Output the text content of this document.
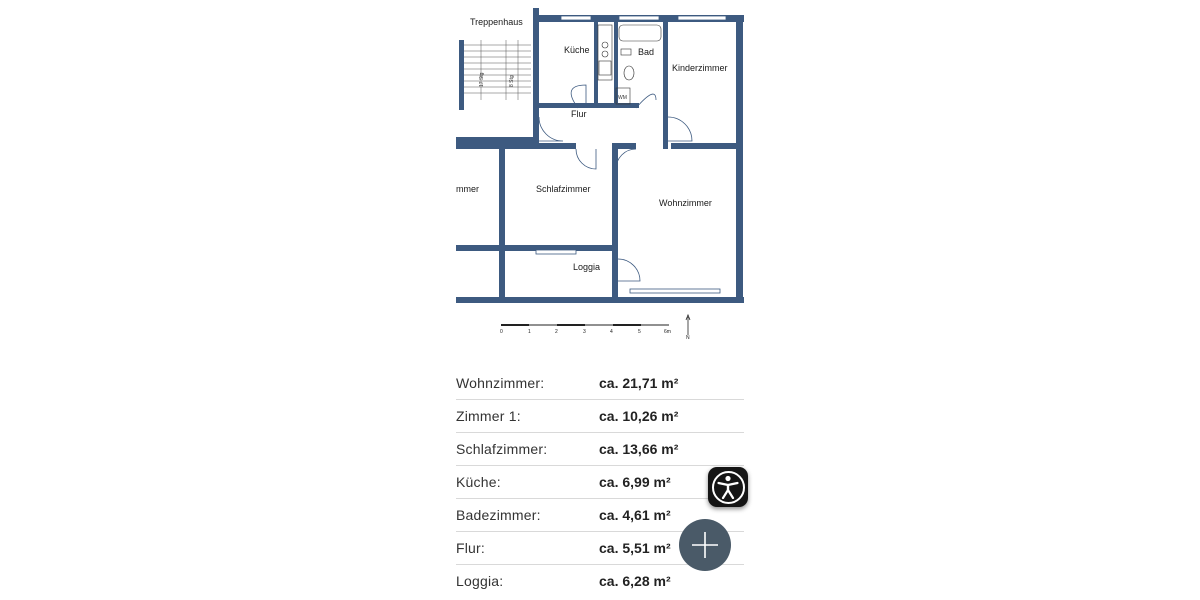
Treppenhaus
Küche	Bad
Kinderzimmer
Flur
mmer	Schlafzimmer
Wohnzimmer
Loggia
WM
17 Stg	8 Stg
0	1	2	3	4	5	6m
N
Wohnzimmer:	ca. 21,71 m²
Zimmer 1:	ca. 10,26 m²
Schlafzimmer:	ca. 13,66 m²
Küche:	ca. 6,99 m²
Badezimmer:	ca. 4,61 m²
Flur:	ca. 5,51 m²
Loggia:	ca. 6,28 m²
